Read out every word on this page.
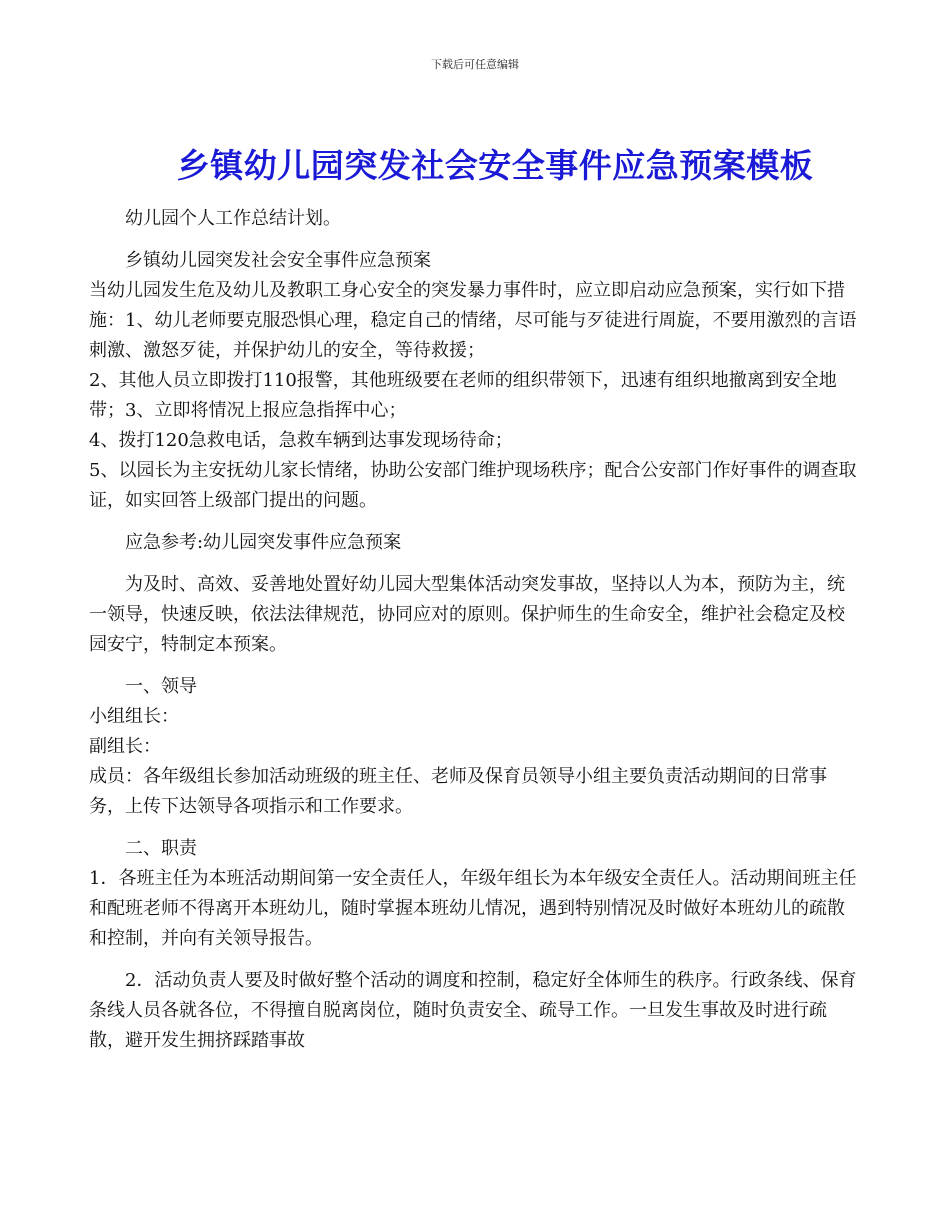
下载后可任意编辑
乡镇幼儿园突发社会安全事件应急预案模板

幼儿园个人工作总结计划。

乡镇幼儿园突发社会安全事件应急预案

当幼儿园发生危及幼儿及教职工身心安全的突发暴力事件时，应立即启动应急预案，实行如下措施：1、幼儿老师要克服恐惧心理，稳定自己的情绪，尽可能与歹徒进行周旋，不要用激烈的言语刺激、激怒歹徒，并保护幼儿的安全，等待救援；

2、其他人员立即拨打110报警，其他班级要在老师的组织带领下，迅速有组织地撤离到安全地带；3、立即将情况上报应急指挥中心；

4、拨打120急救电话，急救车辆到达事发现场待命；

5、以园长为主安抚幼儿家长情绪，协助公安部门维护现场秩序；配合公安部门作好事件的调查取证，如实回答上级部门提出的问题。

应急参考:幼儿园突发事件应急预案

为及时、高效、妥善地处置好幼儿园大型集体活动突发事故，坚持以人为本，预防为主，统一领导，快速反映，依法法律规范，协同应对的原则。保护师生的生命安全，维护社会稳定及校园安宁，特制定本预案。

一、领导

小组组长：

副组长：

成员：各年级组长参加活动班级的班主任、老师及保育员领导小组主要负责活动期间的日常事务，上传下达领导各项指示和工作要求。

二、职责

1．各班主任为本班活动期间第一安全责任人，年级年组长为本年级安全责任人。活动期间班主任和配班老师不得离开本班幼儿，随时掌握本班幼儿情况，遇到特别情况及时做好本班幼儿的疏散和控制，并向有关领导报告。

2．活动负责人要及时做好整个活动的调度和控制，稳定好全体师生的秩序。行政条线、保育条线人员各就各位，不得擅自脱离岗位，随时负责安全、疏导工作。一旦发生事故及时进行疏散，避开发生拥挤踩踏事故
